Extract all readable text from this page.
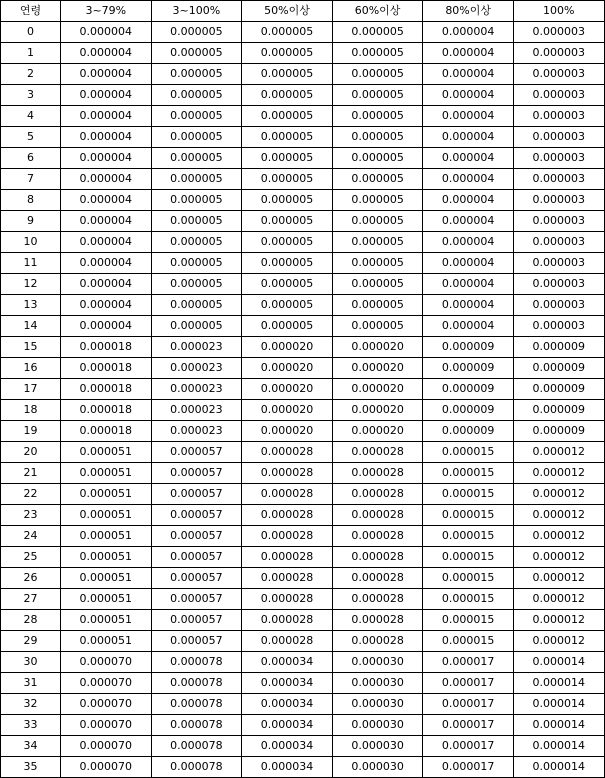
연령	3~79%	3~100%	50%이상	60%이상	80%이상	100%
0	0.000004	0.000005	0.000005	0.000005	0.000004	0.000003
1	0.000004	0.000005	0.000005	0.000005	0.000004	0.000003
2	0.000004	0.000005	0.000005	0.000005	0.000004	0.000003
3	0.000004	0.000005	0.000005	0.000005	0.000004	0.000003
4	0.000004	0.000005	0.000005	0.000005	0.000004	0.000003
5	0.000004	0.000005	0.000005	0.000005	0.000004	0.000003
6	0.000004	0.000005	0.000005	0.000005	0.000004	0.000003
7	0.000004	0.000005	0.000005	0.000005	0.000004	0.000003
8	0.000004	0.000005	0.000005	0.000005	0.000004	0.000003
9	0.000004	0.000005	0.000005	0.000005	0.000004	0.000003
10	0.000004	0.000005	0.000005	0.000005	0.000004	0.000003
11	0.000004	0.000005	0.000005	0.000005	0.000004	0.000003
12	0.000004	0.000005	0.000005	0.000005	0.000004	0.000003
13	0.000004	0.000005	0.000005	0.000005	0.000004	0.000003
14	0.000004	0.000005	0.000005	0.000005	0.000004	0.000003
15	0.000018	0.000023	0.000020	0.000020	0.000009	0.000009
16	0.000018	0.000023	0.000020	0.000020	0.000009	0.000009
17	0.000018	0.000023	0.000020	0.000020	0.000009	0.000009
18	0.000018	0.000023	0.000020	0.000020	0.000009	0.000009
19	0.000018	0.000023	0.000020	0.000020	0.000009	0.000009
20	0.000051	0.000057	0.000028	0.000028	0.000015	0.000012
21	0.000051	0.000057	0.000028	0.000028	0.000015	0.000012
22	0.000051	0.000057	0.000028	0.000028	0.000015	0.000012
23	0.000051	0.000057	0.000028	0.000028	0.000015	0.000012
24	0.000051	0.000057	0.000028	0.000028	0.000015	0.000012
25	0.000051	0.000057	0.000028	0.000028	0.000015	0.000012
26	0.000051	0.000057	0.000028	0.000028	0.000015	0.000012
27	0.000051	0.000057	0.000028	0.000028	0.000015	0.000012
28	0.000051	0.000057	0.000028	0.000028	0.000015	0.000012
29	0.000051	0.000057	0.000028	0.000028	0.000015	0.000012
30	0.000070	0.000078	0.000034	0.000030	0.000017	0.000014
31	0.000070	0.000078	0.000034	0.000030	0.000017	0.000014
32	0.000070	0.000078	0.000034	0.000030	0.000017	0.000014
33	0.000070	0.000078	0.000034	0.000030	0.000017	0.000014
34	0.000070	0.000078	0.000034	0.000030	0.000017	0.000014
35	0.000070	0.000078	0.000034	0.000030	0.000017	0.000014
